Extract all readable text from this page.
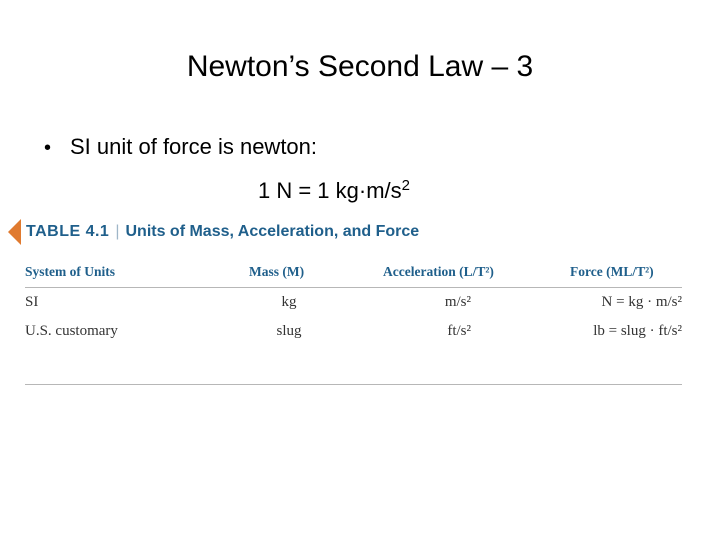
Newton’s Second Law – 3
• SI unit of force is newton:
1 N = 1 $kg\cdot m/s^2$
TABLE 4.1 | Units of Mass, Acceleration, and Force
System of Units	Mass (M)	Acceleration (L/T²)	Force (ML/T²)
SI	kg	m/s²	N = kg · m/s²
U.S. customary	slug	ft/s²	lb = slug · ft/s²
